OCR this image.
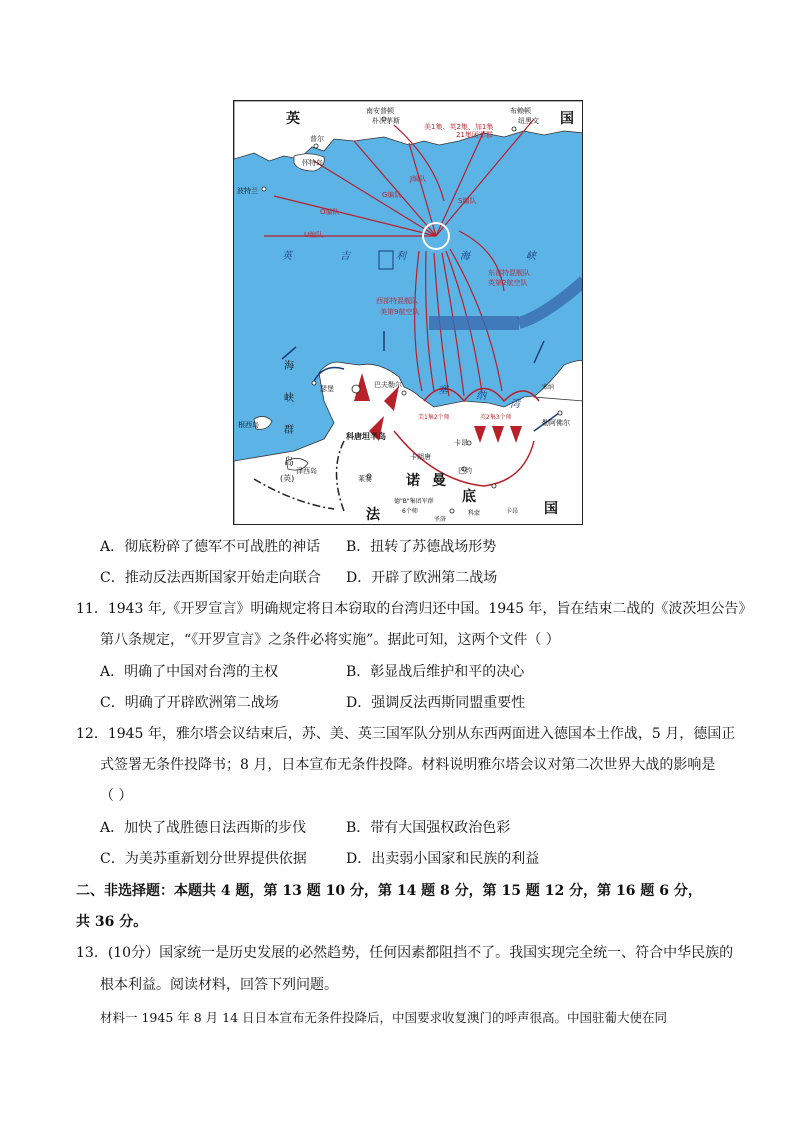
英	国
南安普顿
朴次茅斯
21集团军群
布赖顿
纽黑文
普尔
怀特岛
波特兰
美1集、英2集、加1集
J编队
G编队
S编队
O编队
U编队
英	吉	利	海	峡
东部特混舰队
英第2航空队
西部特混舰队
美第9航空队
海
峡
群
岛
(英)
瑟堡	巴夫勒尔
科唐坦半岛
根西岛
泽西岛
塞
纳
湾
勒阿佛尔
卡昂
卡朗唐
巴约
莱赛 诺 曼
底
法	国
德"B"集团军群
6个师
圣洛
科蒙	卡昂
美1集2个师	英2集3个师
塞纳
A．彻底粉碎了德军不可战胜的神话 B．扭转了苏德战场形势
C．推动反法西斯国家开始走向联合 D．开辟了欧洲第二战场
11．1943 年,《开罗宣言》明确规定将日本窃取的台湾归还中国。1945 年，旨在结束二战的《波茨坦公告》
第八条规定，“《开罗宣言》之条件必将实施”。据此可知，这两个文件（ ）
A．明确了中国对台湾的主权	B．彰显战后维护和平的决心
C．明确了开辟欧洲第二战场	D．强调反法西斯同盟重要性
12．1945 年，雅尔塔会议结束后，苏、美、英三国军队分别从东西两面进入德国本土作战，5 月，德国正
式签署无条件投降书；8 月，日本宣布无条件投降。材料说明雅尔塔会议对第二次世界大战的影响是
（ ）
A．加快了战胜德日法西斯的步伐	B．带有大国强权政治色彩
C．为美苏重新划分世界提供依据	D．出卖弱小国家和民族的利益
二、非选择题：本题共 4 题，第 13 题 10 分，第 14 题 8 分，第 15 题 12 分，第 16 题 6 分，
共 36 分。
13．(10分）国家统一是历史发展的必然趋势，任何因素都阻挡不了。我国实现完全统一、符合中华民族的
根本利益。阅读材料，回答下列问题。
材料一 1945 年 8 月 14 日日本宣布无条件投降后，中国要求收复澳门的呼声很高。中国驻葡大使在同
